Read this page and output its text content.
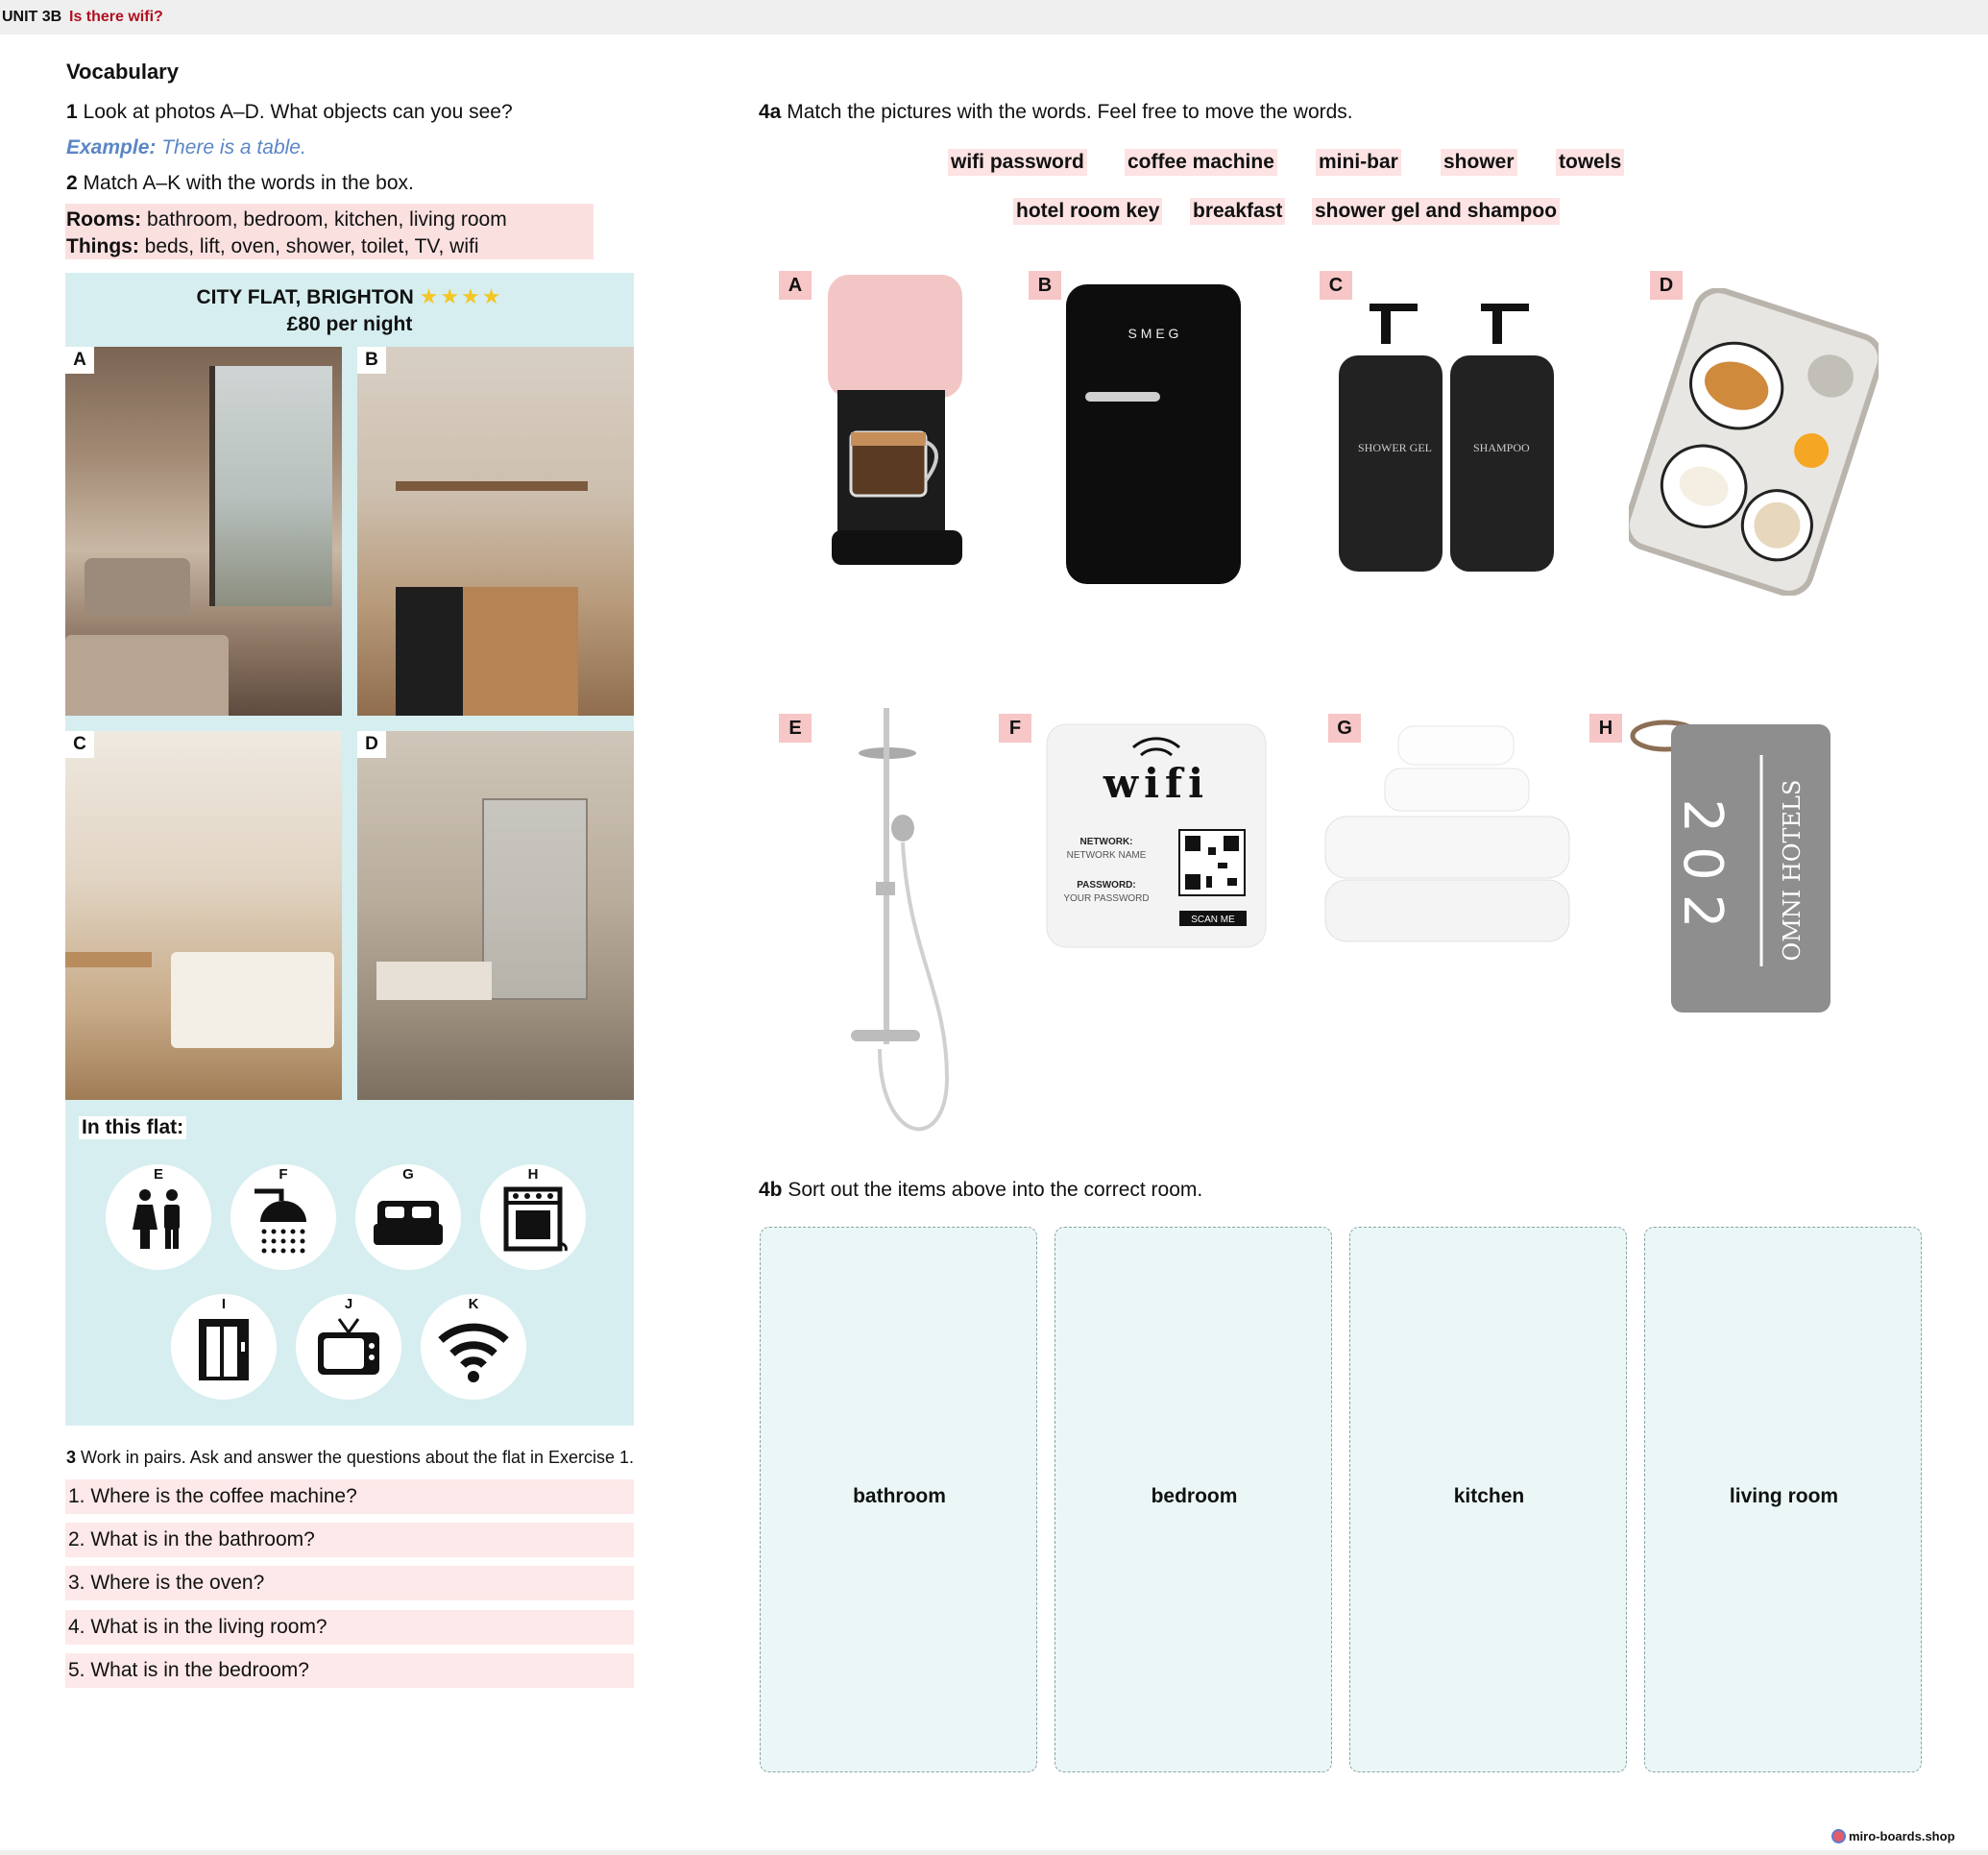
UNIT 3B Is there wifi?
Vocabulary
1 Look at photos A–D. What objects can you see?
Example: There is a table.
2 Match A–K with the words in the box.
Rooms: bathroom, bedroom, kitchen, living room
Things: beds, lift, oven, shower, toilet, TV, wifi
CITY FLAT, BRIGHTON ★★★★
£80 per night
A	B
C	D
In this flat:
E	F	G	H
I	J	K
3 Work in pairs. Ask and answer the questions about the flat in Exercise 1.
1. Where is the coffee machine?
2. What is in the bathroom?
3. Where is the oven?
4. What is in the living room?
5. What is in the bedroom?
4a Match the pictures with the words. Feel free to move the words.
wifi password coffee machine mini-bar shower towels
hotel room key breakfast shower gel and shampoo
A	B
S M E G
C
SHOWER GEL	SHAMPOO
D
E	F
wifi
NETWORK:
NETWORK NAME
PASSWORD:
YOUR PASSWORD
SCAN ME
G	H
202 OMNI HOTELS
4b Sort out the items above into the correct room.
bathroom	bedroom	kitchen	living room
miro-boards.shop
